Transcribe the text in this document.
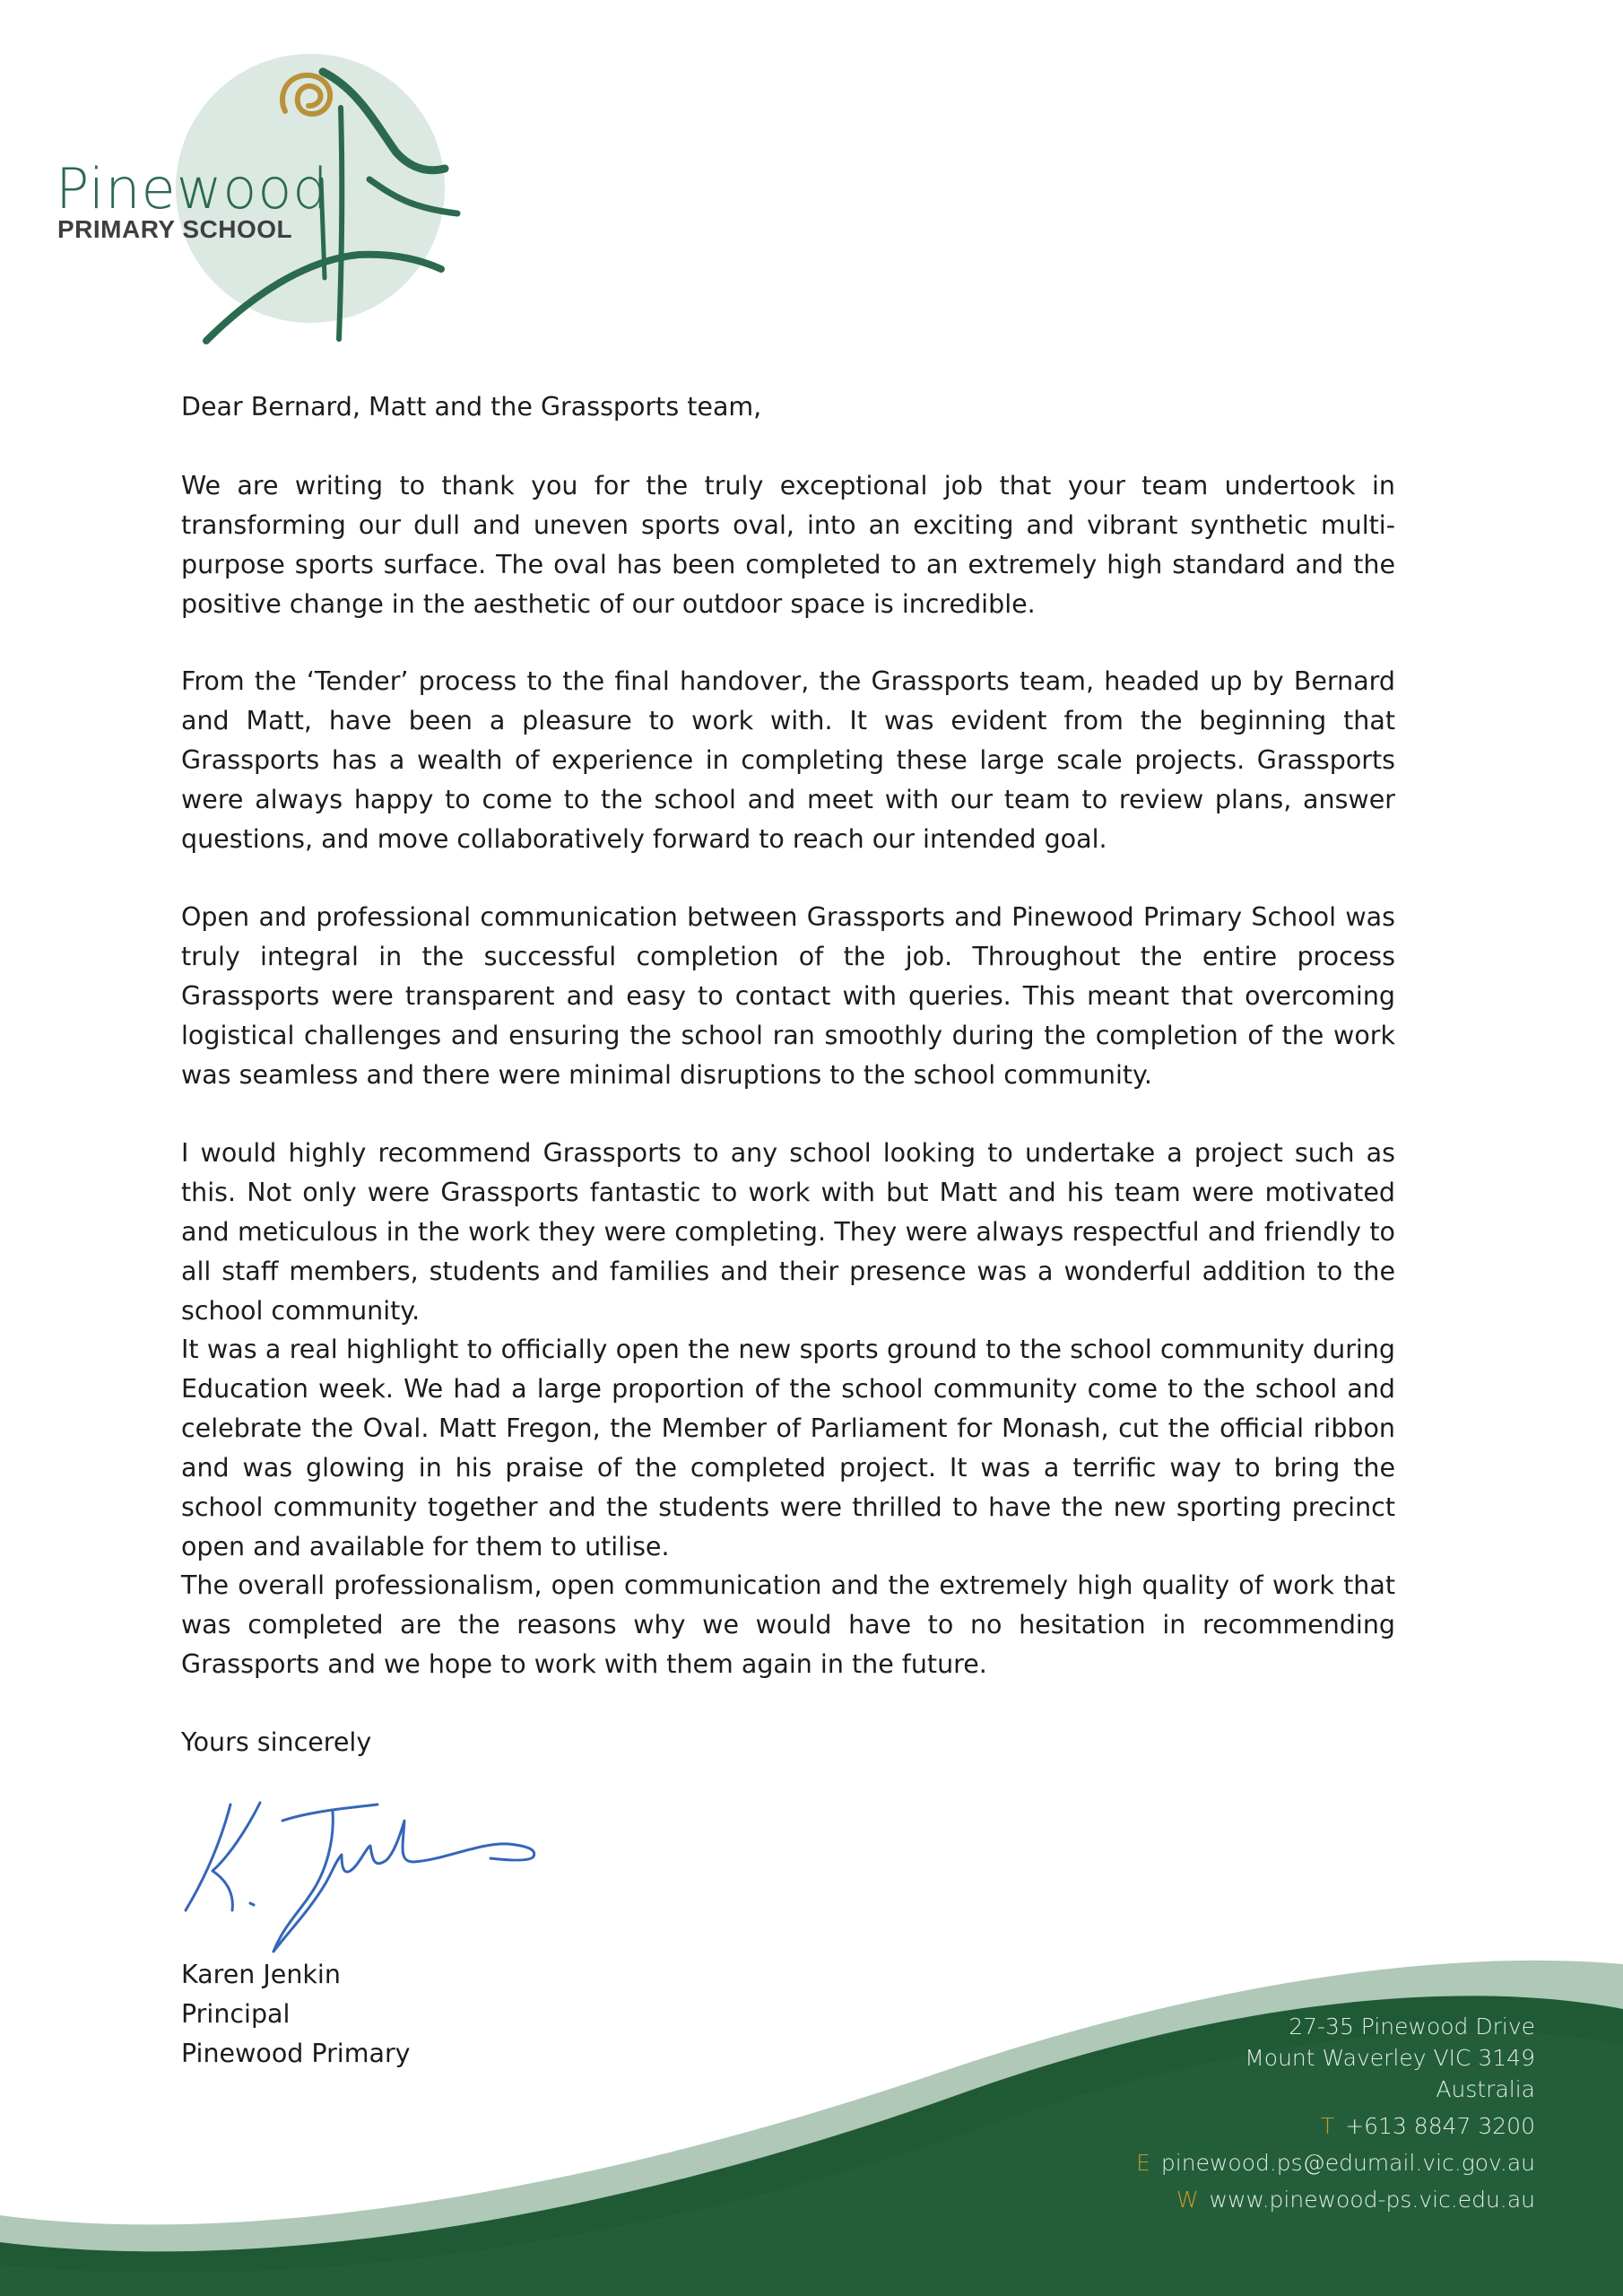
Pinewood
PRIMARY SCHOOL
Dear Bernard, Matt and the Grassports team,
We are writing to thank you for the truly exceptional job that your team undertook in transforming our dull and uneven sports oval, into an exciting and vibrant synthetic multi-purpose sports surface. The oval has been completed to an extremely high standard and the positive change in the aesthetic of our outdoor space is incredible.
From the ‘Tender’ process to the final handover, the Grassports team, headed up by Bernard and Matt, have been a pleasure to work with. It was evident from the beginning that Grassports has a wealth of experience in completing these large scale projects. Grassports were always happy to come to the school and meet with our team to review plans, answer questions, and move collaboratively forward to reach our intended goal.
Open and professional communication between Grassports and Pinewood Primary School was truly integral in the successful completion of the job. Throughout the entire process Grassports were transparent and easy to contact with queries. This meant that overcoming logistical challenges and ensuring the school ran smoothly during the completion of the work was seamless and there were minimal disruptions to the school community.
I would highly recommend Grassports to any school looking to undertake a project such as this. Not only were Grassports fantastic to work with but Matt and his team were motivated and meticulous in the work they were completing. They were always respectful and friendly to all staff members, students and families and their presence was a wonderful addition to the school community.
It was a real highlight to officially open the new sports ground to the school community during Education week. We had a large proportion of the school community come to the school and celebrate the Oval. Matt Fregon, the Member of Parliament for Monash, cut the official ribbon and was glowing in his praise of the completed project. It was a terrific way to bring the school community together and the students were thrilled to have the new sporting precinct open and available for them to utilise.
The overall professionalism, open communication and the extremely high quality of work that was completed are the reasons why we would have to no hesitation in recommending Grassports and we hope to work with them again in the future.
Yours sincerely
Karen Jenkin
Principal
Pinewood Primary
27-35 Pinewood Drive
Mount Waverley VIC 3149
Australia
T +613 8847 3200
E pinewood.ps@edumail.vic.gov.au
W www.pinewood-ps.vic.edu.au
